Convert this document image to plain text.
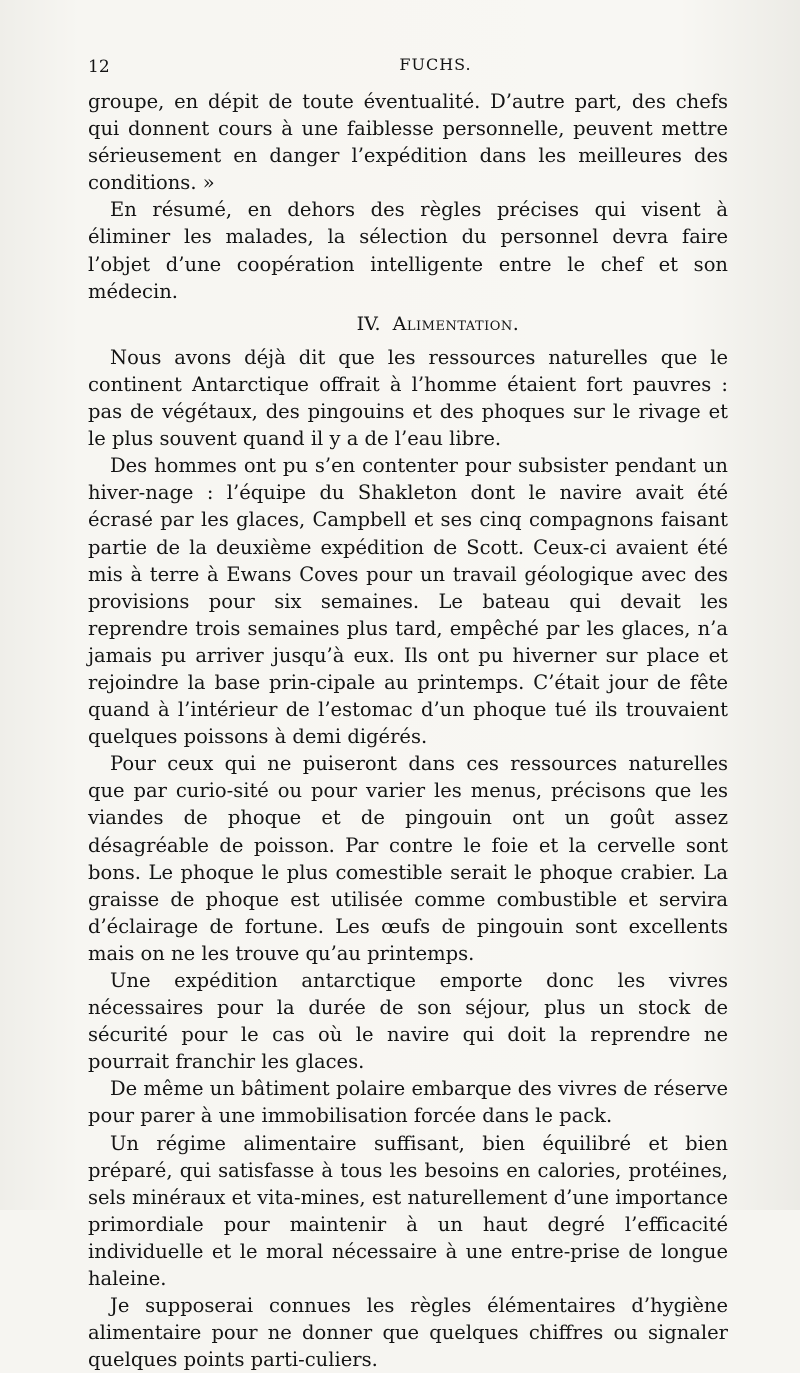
12	FUCHS.

groupe, en dépit de toute éventualité. D’autre part, des chefs qui donnent cours à une faiblesse personnelle, peuvent mettre sérieusement en danger l’expédition dans les meilleures des conditions. »

En résumé, en dehors des règles précises qui visent à éliminer les malades, la sélection du personnel devra faire l’objet d’une coopération intelligente entre le chef et son médecin.

IV. Alimentation.

Nous avons déjà dit que les ressources naturelles que le continent Antarctique offrait à l’homme étaient fort pauvres : pas de végétaux, des pingouins et des phoques sur le rivage et le plus souvent quand il y a de l’eau libre.

Des hommes ont pu s’en contenter pour subsister pendant un hiver-nage : l’équipe du Shakleton dont le navire avait été écrasé par les glaces, Campbell et ses cinq compagnons faisant partie de la deuxième expédition de Scott. Ceux-ci avaient été mis à terre à Ewans Coves pour un travail géologique avec des provisions pour six semaines. Le bateau qui devait les reprendre trois semaines plus tard, empêché par les glaces, n’a jamais pu arriver jusqu’à eux. Ils ont pu hiverner sur place et rejoindre la base prin-cipale au printemps. C’était jour de fête quand à l’intérieur de l’estomac d’un phoque tué ils trouvaient quelques poissons à demi digérés.

Pour ceux qui ne puiseront dans ces ressources naturelles que par curio-sité ou pour varier les menus, précisons que les viandes de phoque et de pingouin ont un goût assez désagréable de poisson. Par contre le foie et la cervelle sont bons. Le phoque le plus comestible serait le phoque crabier. La graisse de phoque est utilisée comme combustible et servira d’éclairage de fortune. Les œufs de pingouin sont excellents mais on ne les trouve qu’au printemps.

Une expédition antarctique emporte donc les vivres nécessaires pour la durée de son séjour, plus un stock de sécurité pour le cas où le navire qui doit la reprendre ne pourrait franchir les glaces.

De même un bâtiment polaire embarque des vivres de réserve pour parer à une immobilisation forcée dans le pack.

Un régime alimentaire suffisant, bien équilibré et bien préparé, qui satisfasse à tous les besoins en calories, protéines, sels minéraux et vita-mines, est naturellement d’une importance primordiale pour maintenir à un haut degré l’efficacité individuelle et le moral nécessaire à une entre-prise de longue haleine.

Je supposerai connues les règles élémentaires d’hygiène alimentaire pour ne donner que quelques chiffres ou signaler quelques points parti-culiers.
